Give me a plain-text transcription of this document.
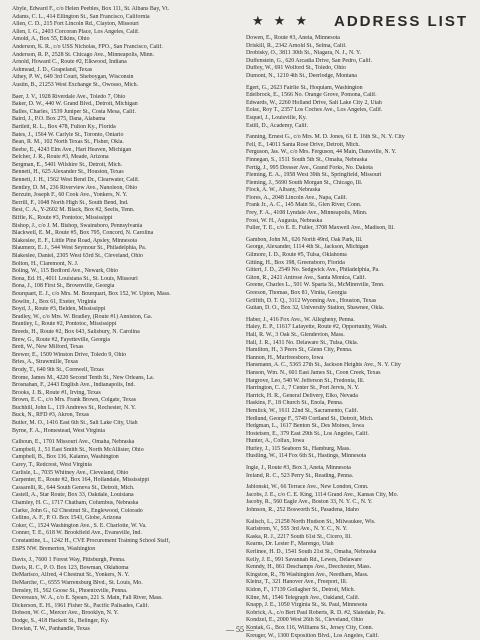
★ ★ ★ ADDRESS LIST
Abyle, Edward F., c/o Helen Peebles, Box 111, St. Albans Bay, Vt.
Adams, C. L., 414 Ellington St., San Francisco, California
Allen, C. D., 215 Fort Lincoln Rd., Clayton, Missouri
Allen, I. G., 2403 Corcoran Place, Los Angeles, Calif.
Amold, A., Box 55, Elkins, Ohio
Anderson, K. R., c/o USS Nicholas, FPO., San Francisco, Calif.
Anderson, R. P., 2528 St. Chicago Ave., Minneapolis, Minn.
Arnold, Howard C., Route #2, Elkwood, Indiana
Ashmead, J. D., Grapeland, Texas
Athey, P. W., 649 3rd Court, Sheboygan, Wisconsin
Austin, B., 21253 West Exchange St., Owosso, Mich.
Baer, J. V., 1928 Riverdale Ave., Toledo 7, Ohio
Baker, D. W., 440 W. Grand Blvd., Detroit, Michigan
Balles, Charles, 1539 Juniper St., Costa Mesa, Calif.
Baird, J., P.O. Box 275, Dana, Alabama
Bartlett, R. L., Box 478, Fulton Ky., Florida
Bates, J., 1564 W. Carlyle St., Toronto, Ontario
Bean, R. M., 102 North Texas St., Fisher, Okla.
Beebe, E., 4243 Elm Ave., Hart Heaven, Michigan
Belcher, J. R., Route #3, Meade, Arizona
Bergman, E., 5401 Wilshire St., Detroit, Mich.
Bennett, H., 625 Alexander St., Houston, Texas
Bennett, J. H., 1562 West Bend Dr., Clearwater, Calif.
Bentley, D. M., 236 Riverview Ave., Nanoleon, Ohio
Berzuin, Joseph F., 60 Cook Ave., Yonkers, N. Y.
Berrill, F., 1048 North High St., South Bend, Ind.
Best, C. A., Y-2602 M. Black, Box #2, Seelis, Tenn.
Biffle, K., Route #3, Pontotoc, Mississippi
Bishop, J., c/o J. M. Bishop, Swainsboro, Pennsylvania
Blackwell, E. M., Route #5, Box 795, Concord, N. Carolina
Blakeslee, E. F., Little Pine Road, Apsley, Minnesota
Blaumerz, E. J., 544 West Seymour St., Philadelphia, Pa.
Blakeslee, Daniel, 2305 West 63rd St., Cleveland, Ohio
Bolton, H., Claremont, N. J.
Boling, W., 115 Bedford Ave., Newark, Ohio
Bona, Ed. H., 4011 Louisiana St., St. Louis, Missouri
Bona, J., 108 First St., Brownville, Georgia
Bourquart, E. J., c/o Mrs. M. Bourquart, Box 152, W. Upton, Mass.
Bowlin, J., Box 61, Exeter, Virginia
Boyd, J., Route #3, Belden, Mississippi
Bradley, W., c/o Mrs. W. Bradley, (Route #1) Anniston, Ga.
Brantley, I., Route #2, Pontotoc, Mississippi
Breeds, H., Route #2, Box 643, Salisbury, N. Carolina
Brew, G., Route #2, Fayetteville, Georgia
Brett, W., New Milford, Texas
Brewer, E., 1509 Winston Drive, Toledo 9, Ohio
Bries, A., Strawmille, Texas
Brody, T., 640 9th St., Cornwell, Texas
Brome, James M., 4220 Second Tenth St., New Orleans, La.
Brosnahan, F., 2443 English Ave., Indianapolis, Ind.
Brooks, J. B., Route #1, Irving, Texas
Brown, E. C., c/o Mrs. Frank Brown, Colgate, Texas
Buchhill, John L., 119 Andrews St., Rochester, N. Y.
Buck, N., RFD #3, Akron, Texas
Butler, M. O., 1416 East 6th St., Salt Lake City, Utah
Byrne, F. A., Homestead, West Virginia
Calhoun, E., 1701 Missouri Ave., Omaha, Nebraska
Campbell, J., 51 East Smith St., North McAllister, Ohio
Campbell, B., Box 136, Kalamo, Washington
Carey, T., Redcrest, West Virginia
Carlisle, L., 7035 Whitney Ave., Cleveland, Ohio
Carpenter, E., Route #2, Box 164, Hollandale, Mississippi
Cassarelli, R., 644 South Geneva St., Detroit, Mich.
Castell, A., Star Route, Box 33, Oakdale, Louisiana
Chamley, H. C., 1717 Chatham, Columbus, Nebraska
Clarke, John G., 62 Chestnut St., Englewood, Colorado
Cellino, A. F., P. O. Box 1543, Globe, Arizona
Coker, C., 1524 Washington Ave., S. E. Charlotte, W. Va.
Conner, T. E., 618 W. Brookfield Ave., Evansville, Ind.
Constantine, L., 1242 H., CVE Procurement Training School Staff,
ESPS NW. Bremerton, Washington
Davis, J., 7600 1 Forest Way, Pittsburgh, Penna.
Davis, R. C., P. O. Box 123, Bowman, Oklahoma
DeMarisco, Alfred, 4 Chestnut St., Yonkers, N. Y.
DeMarche, C., 6555 Warrensburg Blvd., St. Louis, Mo.
Densley, H., 562 Goose St., Phoenixville, Penna.
Devereaux, W. A., c/o E. Spears, 221 S. Main, Fall River, Mass.
Dickerson, E. H., 1961 Fisher St., Pacific Palisades, Calif.
Dobson, W. C., Mercer Ave., Brooklyn, N. Y.
Dodge, S., 418 Hackett St., Belinger, Ky.
Dowlan, T. W., Panhandle, Texas
Dowen, E., Route #3, Aneta, Minnesota
Driskill, R., 2342 Arnold St., Selma, Calif.
Drobisky, O., 3811 30th St., Niagara, N. J., N. Y.
Duffenstein, G., 620 Arcadia Drive, San Pedro, Calif.
Duffey, W., 691 Wolford St., Toledo, Ohio
Dumont, N., 1210 4th St., Deerlodge, Montana
Egert, G., 2623 Fairlie St., Hoquiam, Washington
Edelbrock, E., 1566 No. Orange Grove, Pomona, Calif.
Edwards, W., 2260 Holland Drive, Salt Lake City 2, Utah
Eolac, Roy T., 2357 Los Coches Ave., Los Angeles, Calif.
Esquel, J., Louisville, Ky.
Estill, D., Academy, Calif.
Fanning, Ernest G., c/o Mrs. M. D. Jones, 61 E. 16th St., N. Y. City
Fell, E., 14011 Santa Rose Drive, Detroit, Mich.
Ferguson, Jas. W., c/o Mrs. Ferguson, 44 Main, Dansville, N. Y.
Finnegan, S., 1511 South 5th St., Omaha, Nebraska
Fertig, J., 995 Dresser Ave., Grand Forks, No. Dakota
Fleming, E. A., 1958 West 39th St., Springfield, Missouri
Fleming, J., 5690 South Morgan St., Chicago, Ill.
Flock, A. W., Albany, Nebraska
Flores, A., 2048 Lincoln Ave., Napa, Calif.
Frank Jr., A. C., 145 Main St., Glen River, Conn.
Frey, F. A., 4108 Lyndale Ave., Minneapolis, Minn.
Frost, W. H., Augusta, Nebraska
Fuller, T. E., c/o E. E. Fuller, 3708 Maxwell Ave., Madison, Ill.
Gambon, John M., 626 North 49rd, Oak Park, Ill.
George, Alexander, 1114 4th St., Jackson, Michigan
Gilmore, I. D., Route #5, Tulsa, Oklahoma
Gitting, H., Box 198, Greensboro, Florida
Gittert, J. D., 2549 No. Sedgwick Ave., Philadelphia, Pa.
Giton, R., 2421 Antrose Ave., Santa Monica, Calif.
Greene, Charles L., 501 W. Sparta St., McMinnville, Tenn.
Greeson, Thomas, Box 81, Vinita, Georgia
Griffith, D. T. Q., 3112 Wyoming Ave., Houston, Texas
Guitan, D. O., Box 32, University Station, Shawnee, Okla.
Haber, J., 416 Fox Ave., W. Allegheny, Penna.
Haley, E. P., 11617 Lafayette, Route #2, Opportunity, Wash.
Hall, R. W., 3 Oak St., Glendevion, Mass.
Hall, J. R., 1431 No. Delaware St., Tulsa, Okla.
Hamilton, H., 3 Peers St., Glenn City, Penna.
Hannon, H., Murfreesboro, Iowa
Hansmann, A. C., 5365 27th St., Jackson Heights Ave., N. Y. City
Hanson, Wm. N., 601 East James St., Coon Creek, Texas
Hargrove, Leo, 540 W. Jefferson St., Fredonia, Ill.
Harrington, C. J., 7 Center St., Port Jervis, N. Y.
Harrick, H. R., General Delivery, Elko, Nevada
Haskins, F., 18 Church St., Enola, Penna.
Hemlick, W., 1611 22nd St., Sacramento, Calif.
Hedlund, George F., 5749 Cortland St., Detroit, Mich.
Hedgman, L., 1617 Benton St., Des Moines, Iowa
Hostetsen, E., 379 East 29th St., Los Angeles, Calif.
Hunter, A., Colfax, Iowa
Hurley, J., 115 Seaborn St., Hamburg, Mass.
Hustling, W., 114 Fox 6th St., Hastings, Minnesota
Ingle, J., Route #3, Box 3, Aneta, Minnesota
Ireland, R. C., 523 Perry St., Reading, Penna.
Jablonski, W., 66 Terrace Ave., New London, Conn.
Jacobs, J. E., c/o C. E. King, 1114 Grand Ave., Kansas City, Mo.
Jacoby, R., 560 Eagle Ave., Boston 33, N. Y. C., N. Y.
Johnson, R., 252 Bosworth St., Pasadena, Idaho
Kalisch, L., 21258 North Hudson St., Milwaukee, Wis.
Karlstrom, V., 555 3rd Ave., N. Y. C., N. Y.
Kaska, R. J., 2217 South 61st St., Cicero, Ill.
Kearns, Dr. Lester F., Marengo, Utah
Kerlinee, H. D., 1541 South 21st St., Omaha, Nebraska
Kelly, J. E., 991 Savannah Rd., Lewes, Delaware
Kenndy, H., 861 Deschamps Ave., Deechester, Mass.
Kingston, R., 78 Washington Ave., Needham, Mass.
Kleinz, T., 321 Hanover Ave., Freeport, Ill.
Kidon, F., 17139 Gollagher St., Detroit, Mich.
Kline, M., 1546 Telegraph Ave., Oakland, Calif.
Knapp, J. E., 1050 Virginia St., St. Paul, Minnesota
Kobrick, A., c/o Bert Paul Roberts, R. D. #2, Slatedale, Pa.
Kondzel, E., 2000 West 26th St., Cleveland, Ohio
Kontak, G., Box 116, Williams St., Jersey City, Conn.
Kreuger, W., 1300 Exposition Blvd., Los Angeles, Calif.
— 55 —
